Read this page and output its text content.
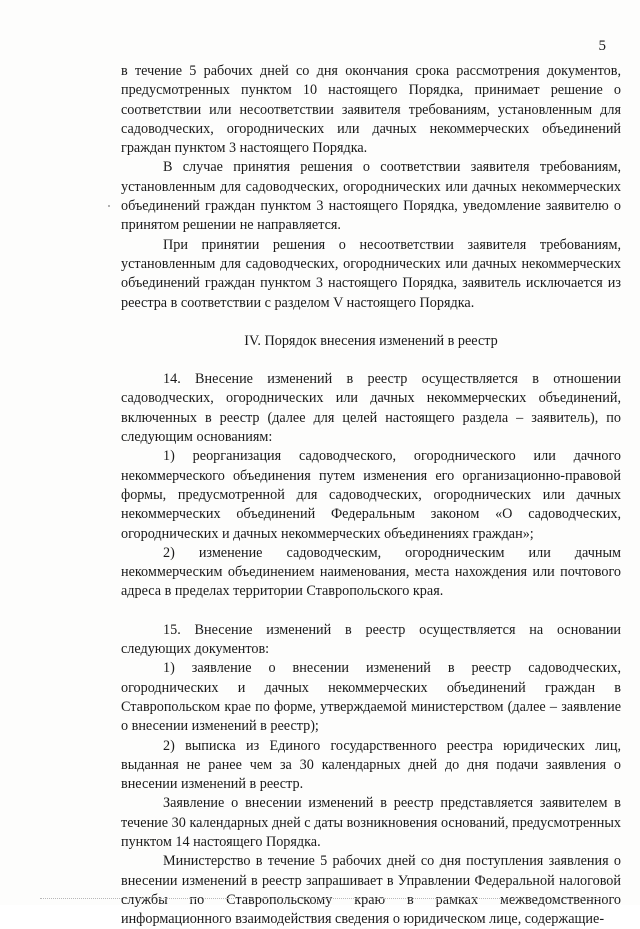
5

в течение 5 рабочих дней со дня окончания срока рассмотрения документов, предусмотренных пунктом 10 настоящего Порядка, принимает решение о соответствии или несоответствии заявителя требованиям, установленным для садоводческих, огороднических или дачных некоммерческих объединений граждан пунктом 3 настоящего Порядка.

В случае принятия решения о соответствии заявителя требованиям, установленным для садоводческих, огороднических или дачных некоммерческих объединений граждан пунктом 3 настоящего Порядка, уведомление заявителю о принятом решении не направляется.

При принятии решения о несоответствии заявителя требованиям, установленным для садоводческих, огороднических или дачных некоммерческих объединений граждан пунктом 3 настоящего Порядка, заявитель исключается из реестра в соответствии с разделом V настоящего Порядка.

IV. Порядок внесения изменений в реестр

14. Внесение изменений в реестр осуществляется в отношении садоводческих, огороднических или дачных некоммерческих объединений, включенных в реестр (далее для целей настоящего раздела – заявитель), по следующим основаниям:

1) реорганизация садоводческого, огороднического или дачного некоммерческого объединения путем изменения его организационно-правовой формы, предусмотренной для садоводческих, огороднических или дачных некоммерческих объединений Федеральным законом «О садоводческих, огороднических и дачных некоммерческих объединениях граждан»;

2) изменение садоводческим, огородническим или дачным некоммерческим объединением наименования, места нахождения или почтового адреса в пределах территории Ставропольского края.

15. Внесение изменений в реестр осуществляется на основании следующих документов:

1) заявление о внесении изменений в реестр садоводческих, огороднических и дачных некоммерческих объединений граждан в Ставропольском крае по форме, утверждаемой министерством (далее – заявление о внесении изменений в реестр);

2) выписка из Единого государственного реестра юридических лиц, выданная не ранее чем за 30 календарных дней до дня подачи заявления о внесении изменений в реестр.

Заявление о внесении изменений в реестр представляется заявителем в течение 30 календарных дней с даты возникновения оснований, предусмотренных пунктом 14 настоящего Порядка.

Министерство в течение 5 рабочих дней со дня поступления заявления о внесении изменений в реестр запрашивает в Управлении Федеральной налоговой службы по Ставропольскому краю в рамках межведомственного информационного взаимодействия сведения о юридическом лице, содержащие-
